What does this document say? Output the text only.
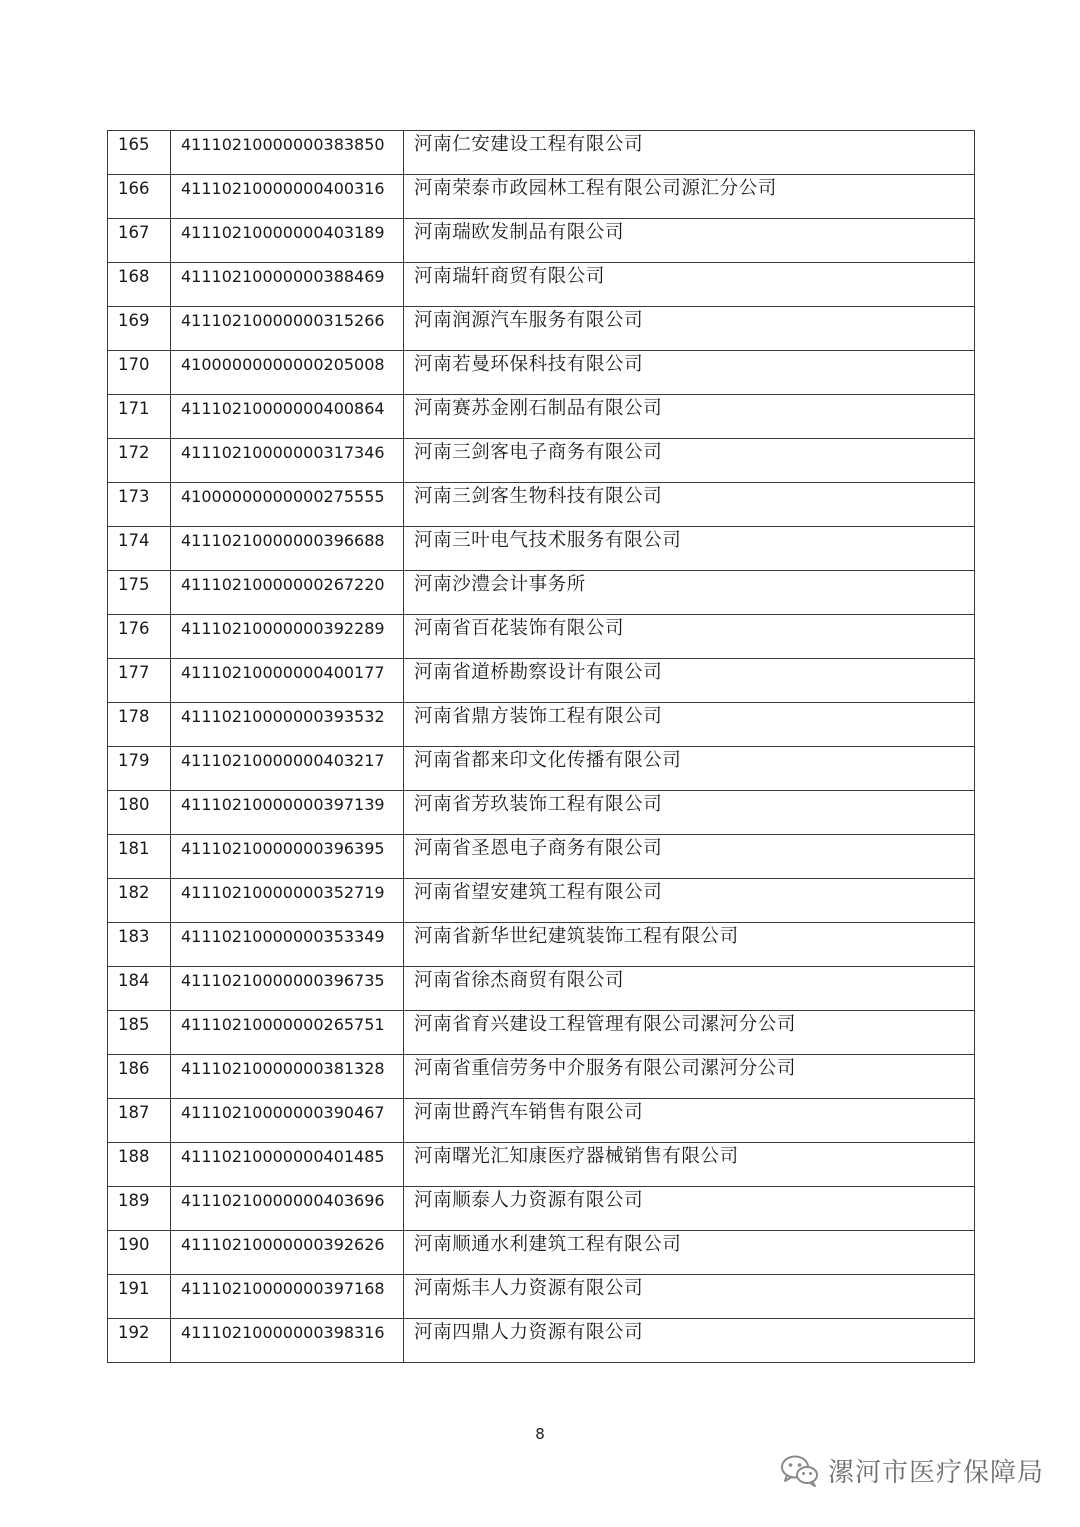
165	41110210000000383850	河南仁安建设工程有限公司
166	41110210000000400316	河南荣泰市政园林工程有限公司源汇分公司
167	41110210000000403189	河南瑞欧发制品有限公司
168	41110210000000388469	河南瑞轩商贸有限公司
169	41110210000000315266	河南润源汽车服务有限公司
170	41000000000000205008	河南若曼环保科技有限公司
171	41110210000000400864	河南赛苏金刚石制品有限公司
172	41110210000000317346	河南三剑客电子商务有限公司
173	41000000000000275555	河南三剑客生物科技有限公司
174	41110210000000396688	河南三叶电气技术服务有限公司
175	41110210000000267220	河南沙澧会计事务所
176	41110210000000392289	河南省百花装饰有限公司
177	41110210000000400177	河南省道桥勘察设计有限公司
178	41110210000000393532	河南省鼎方装饰工程有限公司
179	41110210000000403217	河南省都来印文化传播有限公司
180	41110210000000397139	河南省芳玖装饰工程有限公司
181	41110210000000396395	河南省圣恩电子商务有限公司
182	41110210000000352719	河南省望安建筑工程有限公司
183	41110210000000353349	河南省新华世纪建筑装饰工程有限公司
184	41110210000000396735	河南省徐杰商贸有限公司
185	41110210000000265751	河南省育兴建设工程管理有限公司漯河分公司
186	41110210000000381328	河南省重信劳务中介服务有限公司漯河分公司
187	41110210000000390467	河南世爵汽车销售有限公司
188	41110210000000401485	河南曙光汇知康医疗器械销售有限公司
189	41110210000000403696	河南顺泰人力资源有限公司
190	41110210000000392626	河南顺通水利建筑工程有限公司
191	41110210000000397168	河南烁丰人力资源有限公司
192	41110210000000398316	河南四鼎人力资源有限公司
8
漯河市医疗保障局
